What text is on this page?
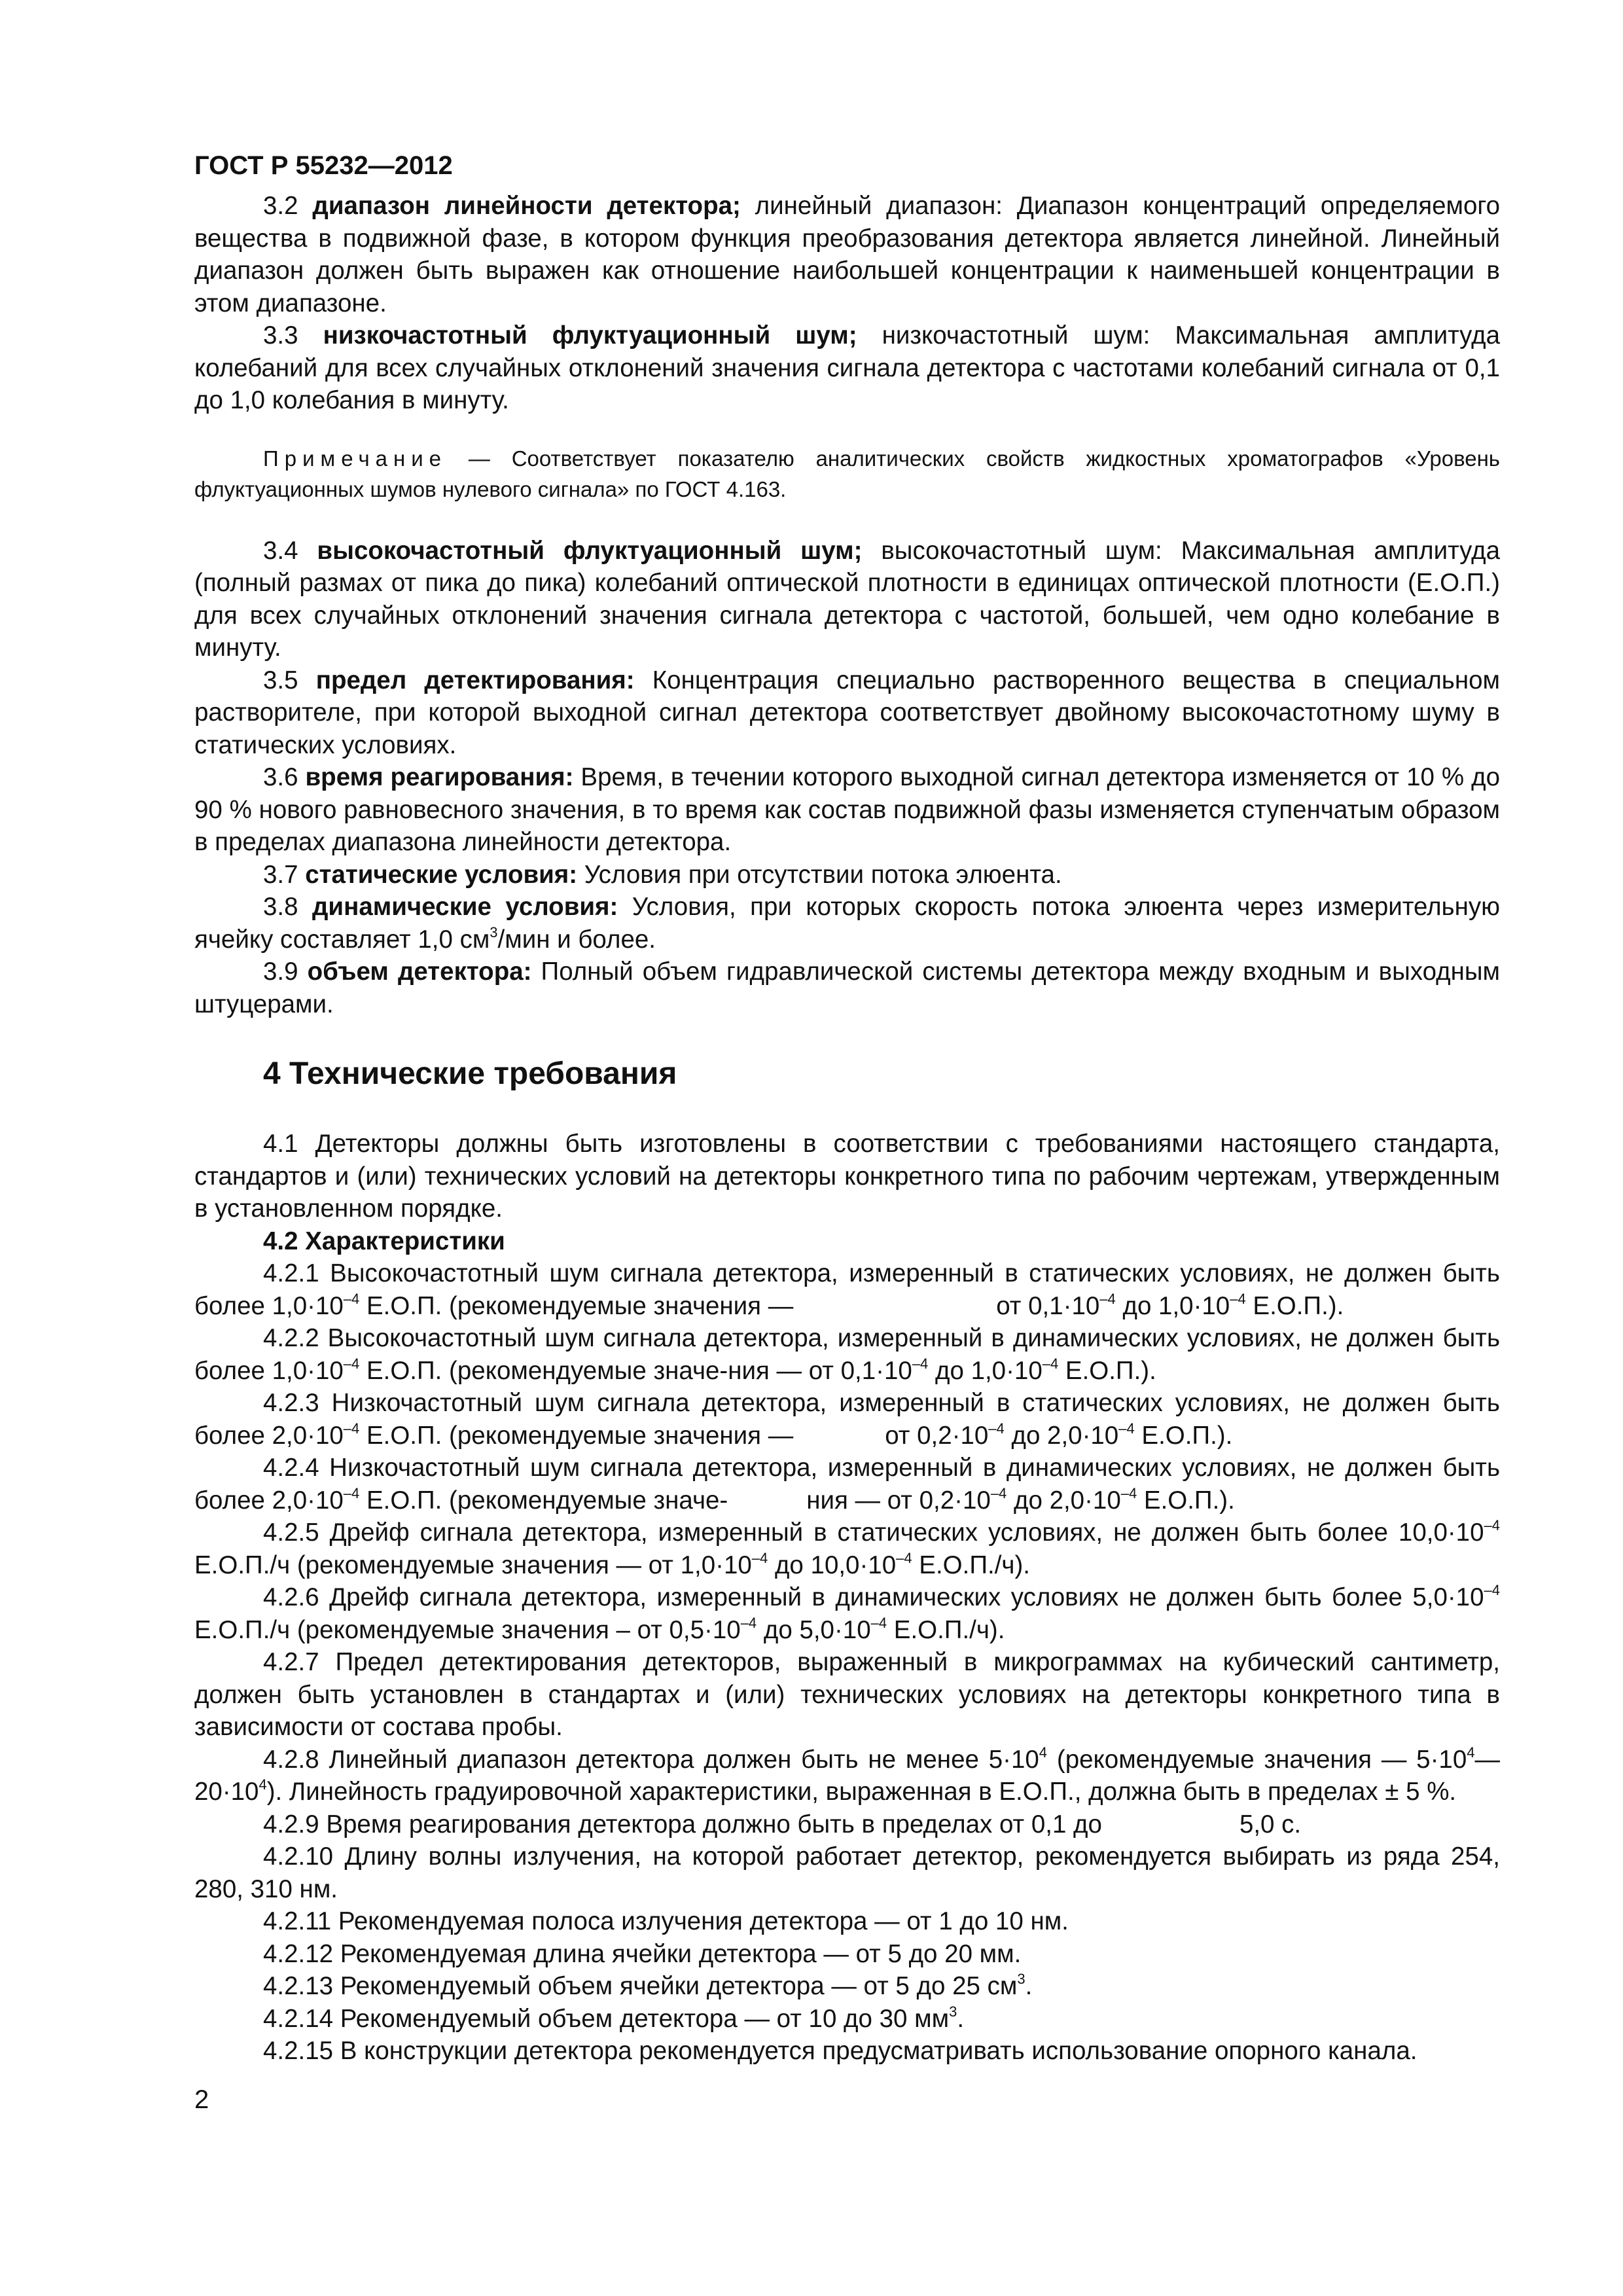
ГОСТ Р 55232—2012

3.2 диапазон линейности детектора; линейный диапазон: Диапазон концентраций определяемого вещества в подвижной фазе, в котором функция преобразования детектора является линейной. Линейный диапазон должен быть выражен как отношение наибольшей концентрации к наименьшей концентрации в этом диапазоне.

3.3 низкочастотный флуктуационный шум; низкочастотный шум: Максимальная амплитуда колебаний для всех случайных отклонений значения сигнала детектора с частотами колебаний сигнала от 0,1 до 1,0 колебания в минуту.

Примечание — Соответствует показателю аналитических свойств жидкостных хроматографов «Уровень флуктуационных шумов нулевого сигнала» по ГОСТ 4.163.

3.4 высокочастотный флуктуационный шум; высокочастотный шум: Максимальная амплитуда (полный размах от пика до пика) колебаний оптической плотности в единицах оптической плотности (Е.О.П.) для всех случайных отклонений значения сигнала детектора с частотой, большей, чем одно колебание в минуту.

3.5 предел детектирования: Концентрация специально растворенного вещества в специальном растворителе, при которой выходной сигнал детектора соответствует двойному высокочастотному шуму в статических условиях.

3.6 время реагирования: Время, в течении которого выходной сигнал детектора изменяется от 10 % до 90 % нового равновесного значения, в то время как состав подвижной фазы изменяется ступенчатым образом в пределах диапазона линейности детектора.

3.7 статические условия: Условия при отсутствии потока элюента.

3.8 динамические условия: Условия, при которых скорость потока элюента через измерительную ячейку составляет 1,0 $см^3$/мин и более.

3.9 объем детектора: Полный объем гидравлической системы детектора между входным и выходным штуцерами.

4 Технические требования

4.1 Детекторы должны быть изготовлены в соответствии с требованиями настоящего стандарта, стандартов и (или) технических условий на детекторы конкретного типа по рабочим чертежам, утвержденным в установленном порядке.

4.2 Характеристики

4.2.1 Высокочастотный шум сигнала детектора, измеренный в статических условиях, не должен быть более $1,0\cdot 10^{-4}$ Е.О.П. (рекомендуемые значения —	от $0,1\cdot 10^{-4}$ до $1,0\cdot 10^{-4}$ Е.О.П.).

4.2.2 Высокочастотный шум сигнала детектора, измеренный в динамических условиях, не должен быть более $1,0\cdot 10^{-4}$ Е.О.П. (рекомендуемые значе-ния — от $0,1\cdot 10^{-4}$ до $1,0\cdot 10^{-4}$ Е.О.П.).

4.2.3 Низкочастотный шум сигнала детектора, измеренный в статических условиях, не должен быть более $2,0\cdot 10^{-4}$ Е.О.П. (рекомендуемые значения —	от $0,2\cdot 10^{-4}$ до $2,0\cdot 10^{-4}$ Е.О.П.).

4.2.4 Низкочастотный шум сигнала детектора, измеренный в динамических условиях, не должен быть более $2,0\cdot 10^{-4}$ Е.О.П. (рекомендуемые значе-	ния — от $0,2\cdot 10^{-4}$ до $2,0\cdot 10^{-4}$ Е.О.П.).

4.2.5 Дрейф сигнала детектора, измеренный в статических условиях, не должен быть более $10,0\cdot 10^{-4}$ Е.О.П./ч (рекомендуемые значения — от $1,0\cdot 10^{-4}$ до $10,0\cdot 10^{-4}$ Е.О.П./ч).

4.2.6 Дрейф сигнала детектора, измеренный в динамических условиях не должен быть более $5,0\cdot 10^{-4}$ Е.О.П./ч (рекомендуемые значения – от $0,5\cdot 10^{-4}$ до $5,0\cdot 10^{-4}$ Е.О.П./ч).

4.2.7 Предел детектирования детекторов, выраженный в микрограммах на кубический сантиметр, должен быть установлен в стандартах и (или) технических условиях на детекторы конкретного типа в зависимости от состава пробы.

4.2.8 Линейный диапазон детектора должен быть не менее $5\cdot 10^4$ (рекомендуемые значения — $5\cdot 10^4—20\cdot 10^4$). Линейность градуировочной характеристики, выраженная в Е.О.П., должна быть в пределах ± 5 %.

4.2.9 Время реагирования детектора должно быть в пределах от 0,1 до	5,0 с.

4.2.10 Длину волны излучения, на которой работает детектор, рекомендуется выбирать из ряда 254, 280, 310 нм.

4.2.11 Рекомендуемая полоса излучения детектора — от 1 до 10 нм.

4.2.12 Рекомендуемая длина ячейки детектора — от 5 до 20 мм.

4.2.13 Рекомендуемый объем ячейки детектора — от 5 до 25 $см^3$.

4.2.14 Рекомендуемый объем детектора — от 10 до 30 $мм^3$.

4.2.15 В конструкции детектора рекомендуется предусматривать использование опорного канала.

2
